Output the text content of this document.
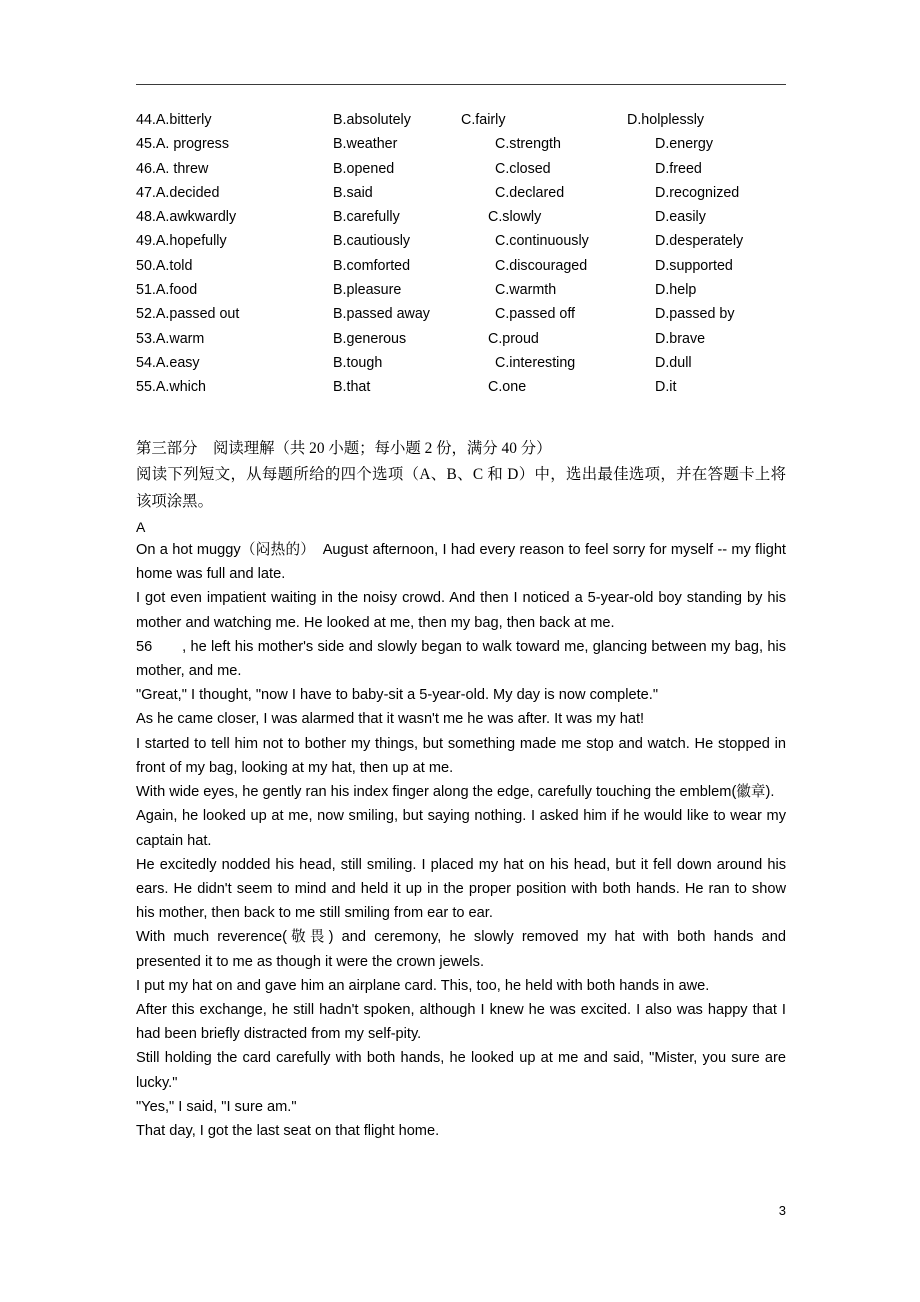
44.A.bitterly	B.absolutely	C.fairly	D.holplessly
45.A. progress	B.weather	C.strength	D.energy
46.A. threw	B.opened	C.closed	D.freed
47.A.decided	B.said	C.declared	D.recognized
48.A.awkwardly	B.carefully	C.slowly	D.easily
49.A.hopefully	B.cautiously	C.continuously	D.desperately
50.A.told	B.comforted	C.discouraged	D.supported
51.A.food	B.pleasure	C.warmth	D.help
52.A.passed out	B.passed away	C.passed off	D.passed by
53.A.warm	B.generous	C.proud	D.brave
54.A.easy	B.tough	C.interesting	D.dull
55.A.which	B.that	C.one	D.it
第三部分　阅读理解（共 20 小题；每小题 2 份，满分 40 分）
阅读下列短文，从每题所给的四个选项（A、B、C 和 D）中，选出最佳选项，并在答题卡上将该项涂黑。

A

On a hot muggy（闷热的）　August afternoon, I had every reason to feel sorry for myself -- my flight home was full and late.

I got even impatient waiting in the noisy crowd. And then I noticed a 5-year-old boy standing by his mother and watching me. He looked at me, then my bag, then back at me.

56　　, he left his mother's side and slowly began to walk toward me, glancing between my bag, his mother, and me.

"Great," I thought, "now I have to baby-sit a 5-year-old. My day is now complete."

As he came closer, I was alarmed that it wasn't me he was after. It was my hat!

I started to tell him not to bother my things, but something made me stop and watch. He stopped in front of my bag, looking at my hat, then up at me.

With wide eyes, he gently ran his index finger along the edge, carefully touching the emblem(徽章).

Again, he looked up at me, now smiling, but saying nothing. I asked him if he would like to wear my captain hat.

He excitedly nodded his head, still smiling. I placed my hat on his head, but it fell down around his ears. He didn't seem to mind and held it up in the proper position with both hands. He ran to show his mother, then back to me still smiling from ear to ear.

With much reverence(敬畏) and ceremony, he slowly removed my hat with both hands and presented it to me as though it were the crown jewels.

I put my hat on and gave him an airplane card. This, too, he held with both hands in awe.

After this exchange, he still hadn't spoken, although I knew he was excited. I also was happy that I had been briefly distracted from my self-pity.

Still holding the card carefully with both hands, he looked up at me and said, "Mister, you sure are lucky."

"Yes," I said, "I sure am."

That day, I got the last seat on that flight home.

3
